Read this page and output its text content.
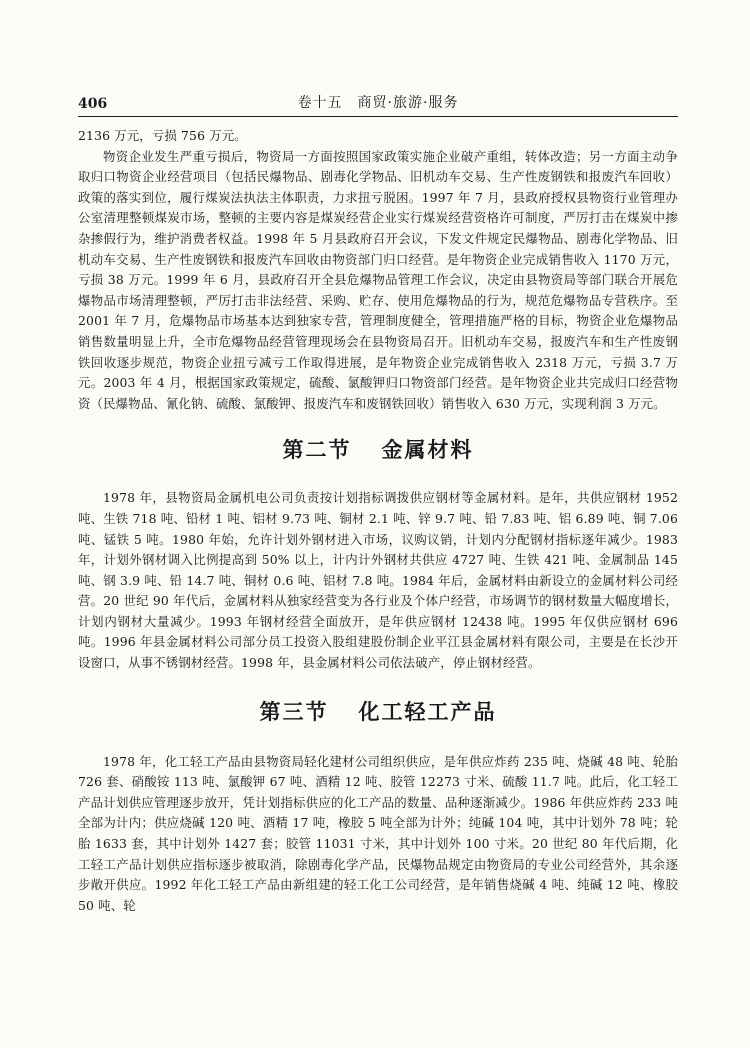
406	卷十五　商贸·旅游·服务

2136 万元，亏损 756 万元。

物资企业发生严重亏损后，物资局一方面按照国家政策实施企业破产重组，转体改造；另一方面主动争取归口物资企业经营项目（包括民爆物品、剧毒化学物品、旧机动车交易、生产性废钢铁和报废汽车回收）政策的落实到位，履行煤炭法执法主体职责，力求扭亏脱困。1997 年 7 月，县政府授权县物资行业管理办公室清理整顿煤炭市场，整顿的主要内容是煤炭经营企业实行煤炭经营资格许可制度，严厉打击在煤炭中掺杂掺假行为，维护消费者权益。1998 年 5 月县政府召开会议，下发文件规定民爆物品、剧毒化学物品、旧机动车交易、生产性废钢铁和报废汽车回收由物资部门归口经营。是年物资企业完成销售收入 1170 万元，亏损 38 万元。1999 年 6 月，县政府召开全县危爆物品管理工作会议，决定由县物资局等部门联合开展危爆物品市场清理整顿，严厉打击非法经营、采购、贮存、使用危爆物品的行为，规范危爆物品专营秩序。至 2001 年 7 月，危爆物品市场基本达到独家专营，管理制度健全，管理措施严格的目标，物资企业危爆物品销售数量明显上升，全市危爆物品经营管理现场会在县物资局召开。旧机动车交易，报废汽车和生产性废钢铁回收逐步规范，物资企业扭亏减亏工作取得进展，是年物资企业完成销售收入 2318 万元，亏损 3.7 万元。2003 年 4 月，根据国家政策规定，硫酸、氯酸钾归口物资部门经营。是年物资企业共完成归口经营物资（民爆物品、氰化钠、硫酸、氯酸钾、报废汽车和废钢铁回收）销售收入 630 万元，实现利润 3 万元。

第二节 金属材料

1978 年，县物资局金属机电公司负责按计划指标调拨供应钢材等金属材料。是年，共供应钢材 1952 吨、生铁 718 吨、铅材 1 吨、铝材 9.73 吨、铜材 2.1 吨、锌 9.7 吨、铅 7.83 吨、铝 6.89 吨、铜 7.06 吨、锰铁 5 吨。1980 年始，允许计划外钢材进入市场，议购议销，计划内分配钢材指标逐年减少。1983 年，计划外钢材调入比例提高到 50% 以上，计内计外钢材共供应 4727 吨、生铁 421 吨、金属制品 145 吨、钢 3.9 吨、铅 14.7 吨、铜材 0.6 吨、铝材 7.8 吨。1984 年后，金属材料由新设立的金属材料公司经营。20 世纪 90 年代后，金属材料从独家经营变为各行业及个体户经营，市场调节的钢材数量大幅度增长，计划内钢材大量减少。1993 年钢材经营全面放开，是年供应钢材 12438 吨。1995 年仅供应钢材 696 吨。1996 年县金属材料公司部分员工投资入股组建股份制企业平江县金属材料有限公司，主要是在长沙开设窗口，从事不锈钢材经营。1998 年，县金属材料公司依法破产，停止钢材经营。

第三节 化工轻工产品

1978 年，化工轻工产品由县物资局轻化建材公司组织供应，是年供应炸药 235 吨、烧碱 48 吨、轮胎 726 套、硝酸铵 113 吨、氯酸钾 67 吨、酒精 12 吨、胶管 12273 寸米、硫酸 11.7 吨。此后，化工轻工产品计划供应管理逐步放开，凭计划指标供应的化工产品的数量、品种逐渐减少。1986 年供应炸药 233 吨全部为计内；供应烧碱 120 吨、酒精 17 吨，橡胶 5 吨全部为计外；纯碱 104 吨，其中计划外 78 吨；轮胎 1633 套，其中计划外 1427 套；胶管 11031 寸米，其中计划外 100 寸米。20 世纪 80 年代后期，化工轻工产品计划供应指标逐步被取消，除剧毒化学产品，民爆物品规定由物资局的专业公司经营外，其余逐步敞开供应。1992 年化工轻工产品由新组建的轻工化工公司经营，是年销售烧碱 4 吨、纯碱 12 吨、橡胶 50 吨、轮
